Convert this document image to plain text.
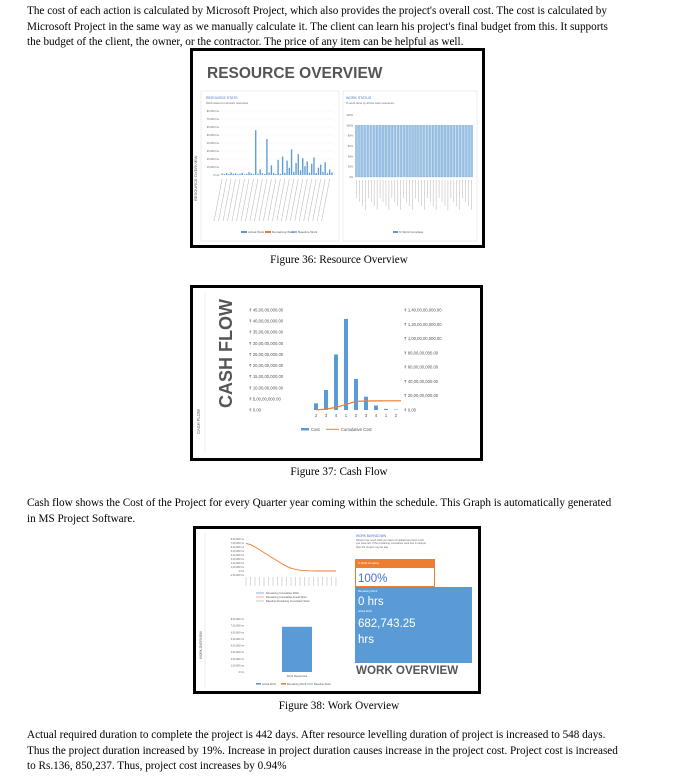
The cost of each action is calculated by Microsoft Project, which also provides the project's overall cost. The cost is calculated by
Microsoft Project in the same way as we manually calculate it. The client can learn his project's final budget from this. It supports
the budget of the client, the owner, or the contractor. The price of any item can be helpful as well.
RESOURCE OVERVIEW
RESOURCE OVERVIEW
RESOURCE STATS
Work status for all work resources.
WORK STATUS
% work done by all the work resources.
80,000 hrs
70,000 hrs
60,000 hrs
50,000 hrs
40,000 hrs
30,000 hrs
20,000 hrs
10,000 hrs
0 hrs
120%
100%
80%
60%
40%
20%
0%
Actual Work	Remaining Work Baseline Work	% Work Complete
Figure 36: Resource Overview
CASH FLOW
CASH FLOW	₹ 45,00,00,000.00
₹ 40,00,00,000.00
₹ 35,00,00,000.00
₹ 30,00,00,000.00
₹ 25,00,00,000.00
₹ 20,00,00,000.00
₹ 15,00,00,000.00
₹ 10,00,00,000.00
₹ 5,00,00,000.00
₹ 0.00
₹ 1,40,00,00,000.00
₹ 1,20,00,00,000.00
₹ 1,00,00,00,000.00
₹ 80,00,00,000.00
₹ 60,00,00,000.00
₹ 40,00,00,000.00
₹ 20,00,00,000.00
₹ 0.00
2 3 4 1 2 3 4 1 2
Cost	Cumulative Cost
Figure 37: Cash Flow
Cash flow shows the Cost of the Project for every Quarter year coming within the schedule. This Graph is automatically generated
in MS Project Software.
WORK OVERVIEW
8,00,000 hrs
7,00,000 hrs
6,00,000 hrs
5,00,000 hrs
4,00,000 hrs
3,00,000 hrs
2,00,000 hrs
1,00,000 hrs
0 hrs
-1,00,000 hrs
Remaining Cumulative Work
Remaining Cumulative Actual Work
Baseline Remaining Cumulative Work
8,00,000 hrs
7,00,000 hrs
6,00,000 hrs
5,00,000 hrs
4,00,000 hrs
3,00,000 hrs
2,00,000 hrs
1,00,000 hrs
0 hrs
Work Resources
Actual Work	Remaining Work	Baseline Work
WORK BURNDOWN
Shows how much work you have completed and how much you have left. If the remaining cumulative work line is steeper, then the project may be late.
% Work Complete
100%
Remaining Work
0 hrs
Actual Work
682,743.25
hrs
WORK OVERVIEW
Figure 38: Work Overview
Actual required duration to complete the project is 442 days. After resource levelling duration of project is increased to 548 days.
Thus the project duration increased by 19%. Increase in project duration causes increase in the project cost. Project cost is increased
to Rs.136, 850,237. Thus, project cost increases by 0.94%
